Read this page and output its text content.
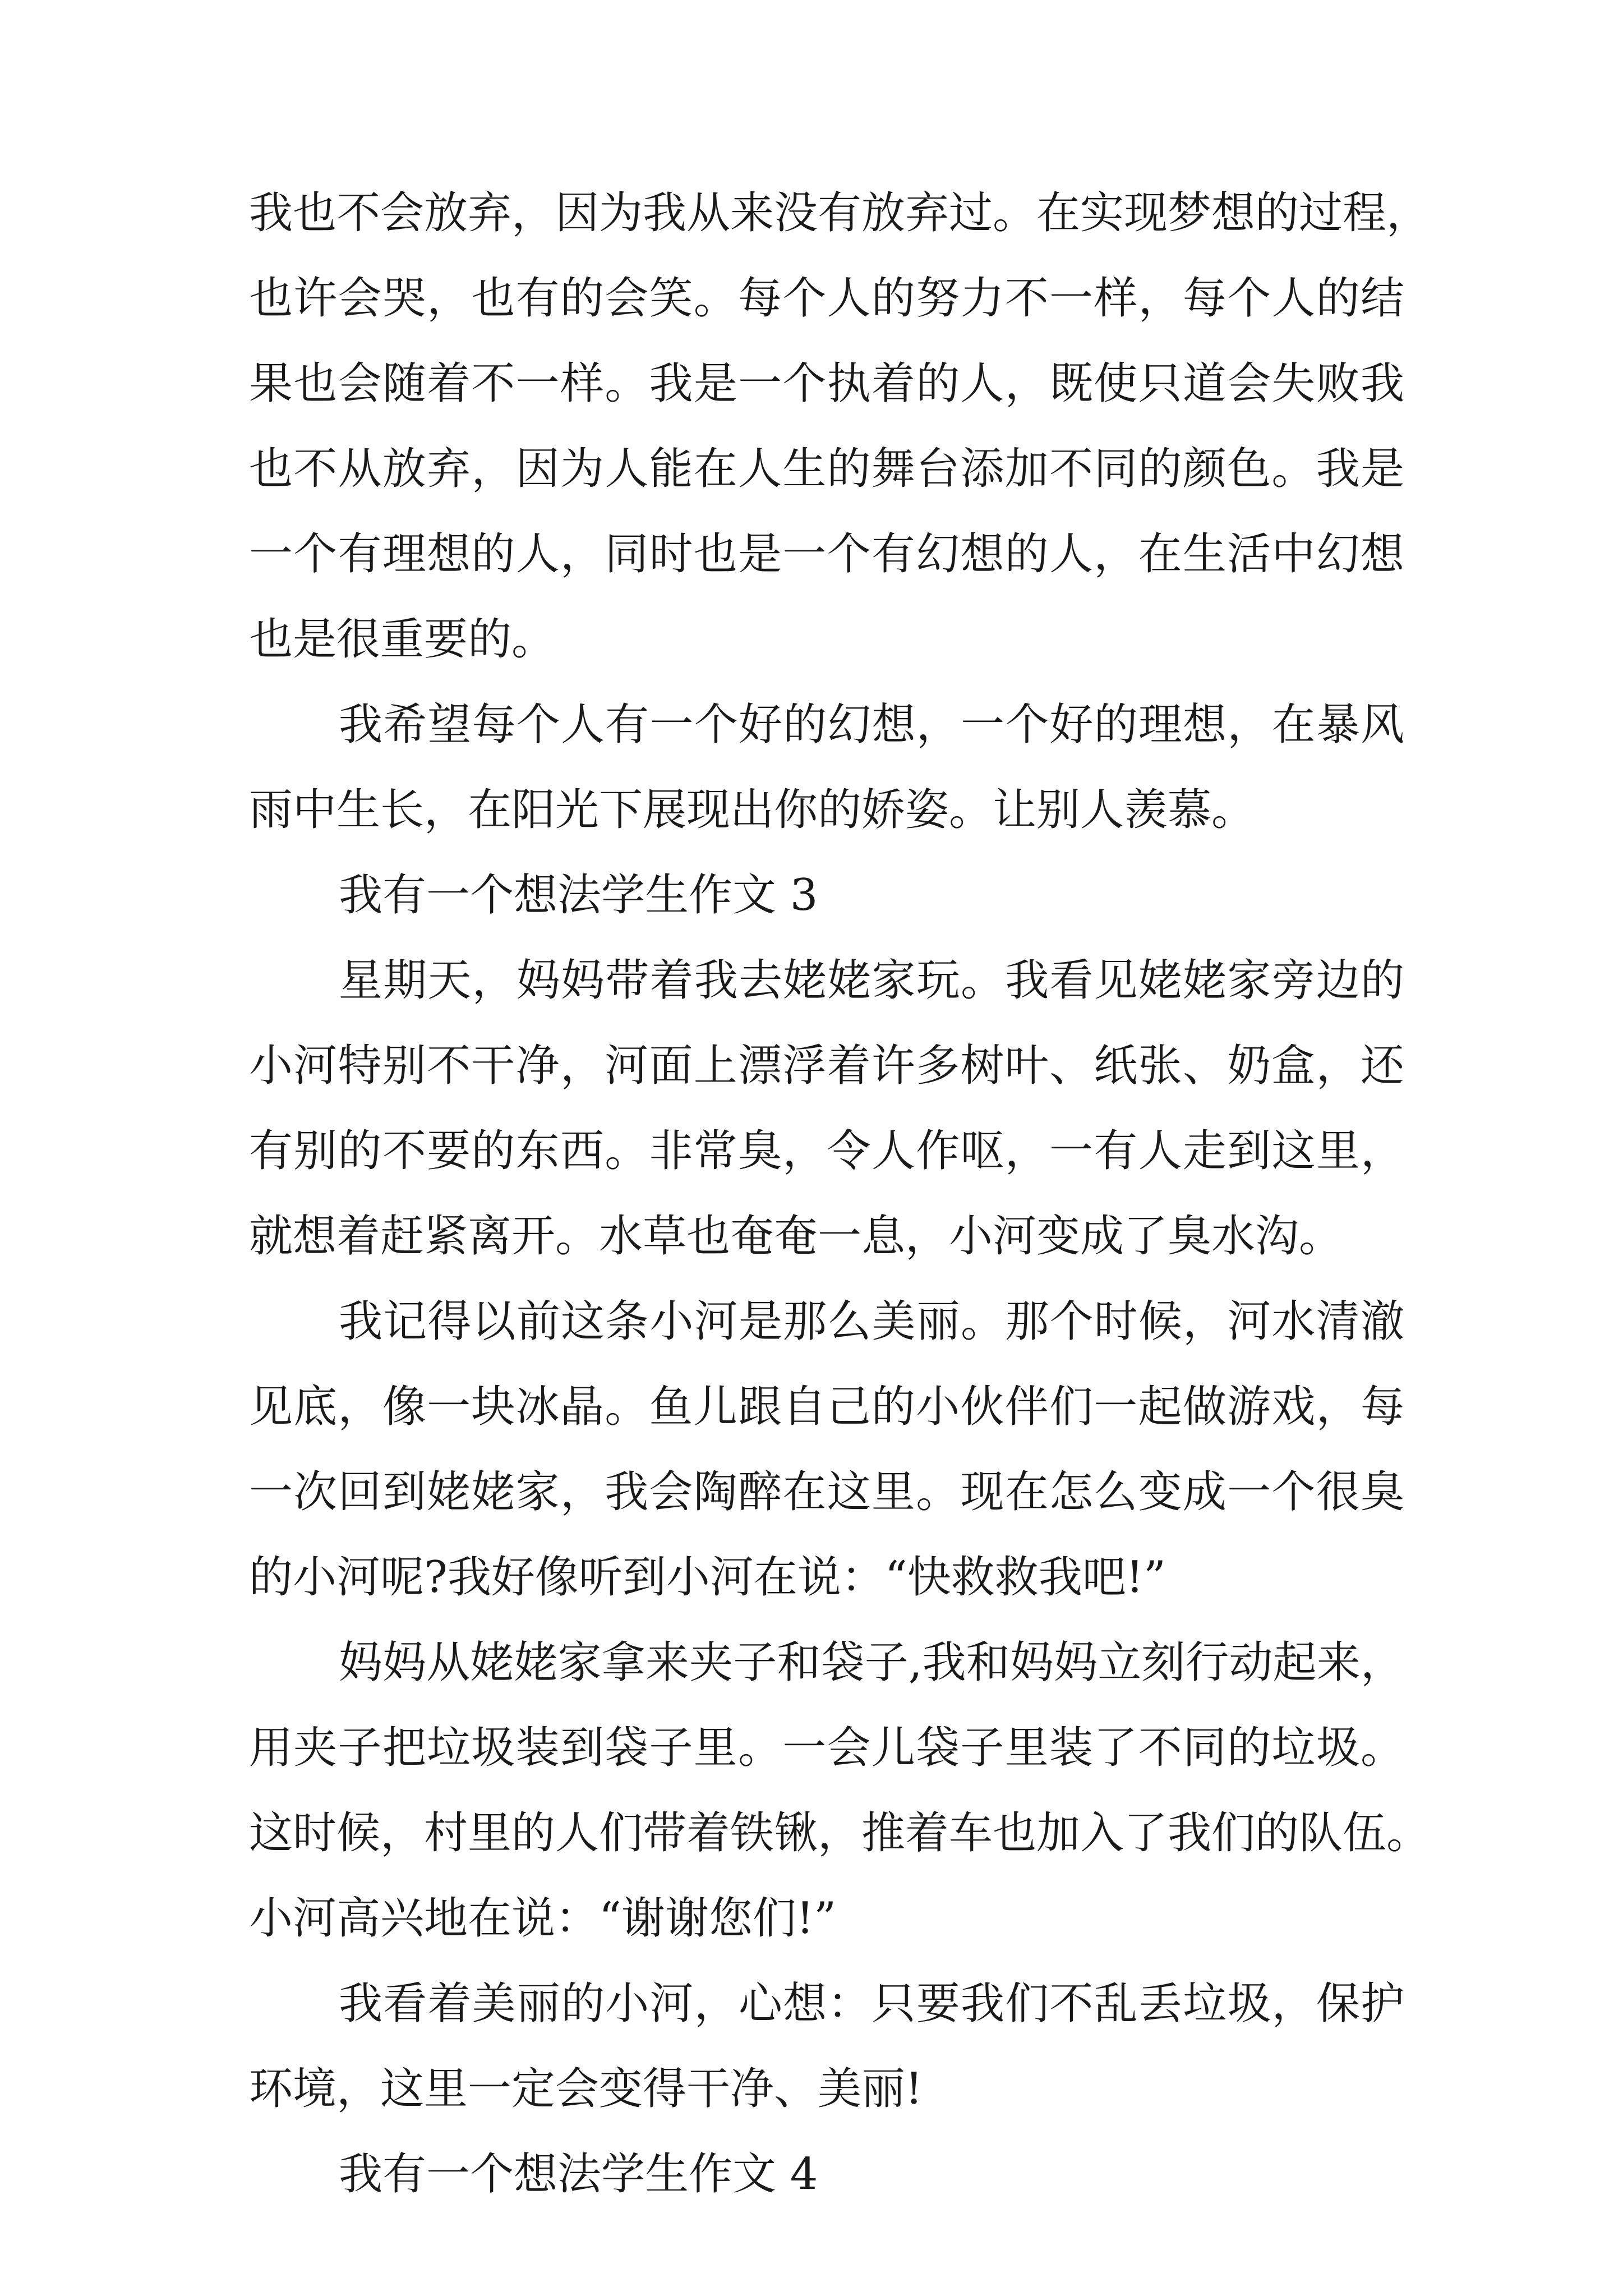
我也不会放弃，因为我从来没有放弃过。在实现梦想的过程，
也许会哭，也有的会笑。每个人的努力不一样，每个人的结
果也会随着不一样。我是一个执着的人，既使只道会失败我
也不从放弃，因为人能在人生的舞台添加不同的颜色。我是
一个有理想的人，同时也是一个有幻想的人，在生活中幻想
也是很重要的。
我希望每个人有一个好的幻想，一个好的理想，在暴风
雨中生长，在阳光下展现出你的娇姿。让别人羡慕。
我有一个想法学生作文 3
星期天，妈妈带着我去姥姥家玩。我看见姥姥家旁边的
小河特别不干净，河面上漂浮着许多树叶、纸张、奶盒，还
有别的不要的东西。非常臭，令人作呕，一有人走到这里，
就想着赶紧离开。水草也奄奄一息，小河变成了臭水沟。
我记得以前这条小河是那么美丽。那个时候，河水清澈
见底，像一块冰晶。鱼儿跟自己的小伙伴们一起做游戏，每
一次回到姥姥家，我会陶醉在这里。现在怎么变成一个很臭
的小河呢?我好像听到小河在说：“快救救我吧!”
妈妈从姥姥家拿来夹子和袋子,我和妈妈立刻行动起来，
用夹子把垃圾装到袋子里。一会儿袋子里装了不同的垃圾。
这时候，村里的人们带着铁锹，推着车也加入了我们的队伍。
小河高兴地在说：“谢谢您们!”
我看着美丽的小河，心想：只要我们不乱丢垃圾，保护
环境，这里一定会变得干净、美丽!
我有一个想法学生作文 4
